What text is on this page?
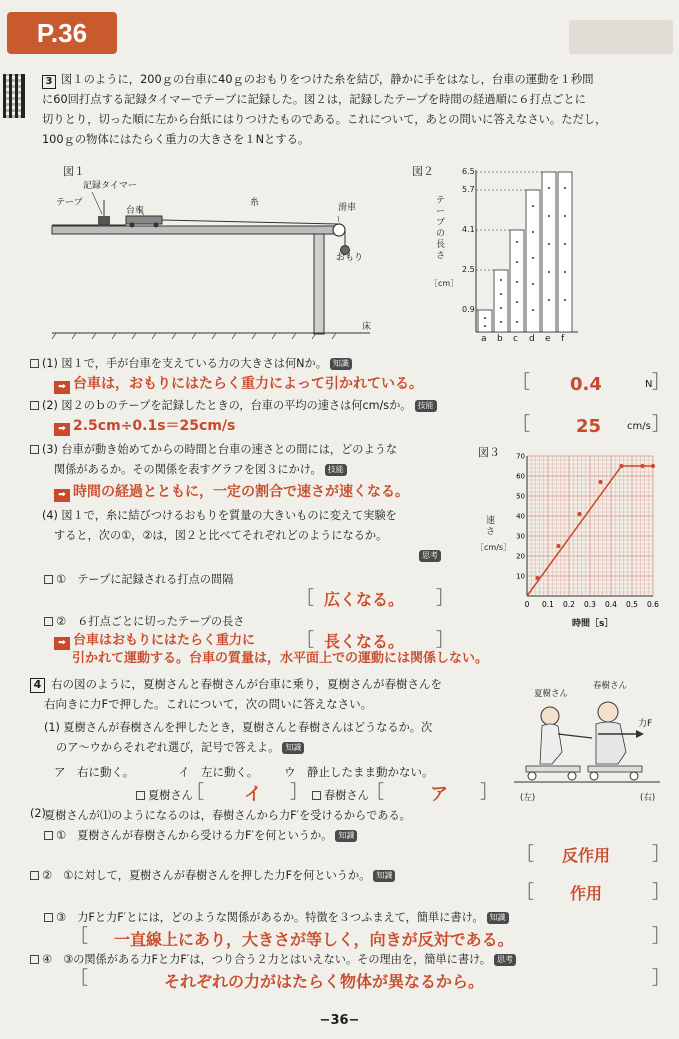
P.36
3 図１のように，200ｇの台車に40ｇのおもりをつけた糸を結び，静かに手をはなし，台車の運動を１秒間
に60回打点する記録タイマーでテープに記録した。図２は，記録したテープを時間の経過順に６打点ごとに
切りとり，切った順に左から台紙にはりつけたものである。これについて，あとの問いに答えなさい。ただし，
100ｇの物体にはたらく重力の大きさを１Nとする。
図１	図２
記録タイマー
テープ
台車
糸	滑車
おもり
床
6.5
5.7
4.1
2.5
0.9
テープの長さ
［cm］
a b c d e f
(1) 図１で，手が台車を支えている力の大きさは何Nか。 知識
➡ 台車は，おもりにはたらく重力によって引かれている。	［ 0.4	N ］
(2) 図２のｂのテープを記録したときの，台車の平均の速さは何cm/sか。 技能
➡ 2.5cm÷0.1s＝25cm/s	［	25	cm/s ］
(3) 台車が動き始めてからの時間と台車の速さとの間には，どのような
関係があるか。その関係を表すグラフを図３にかけ。 技能
➡ 時間の経過とともに，一定の割合で速さが速くなる。
図３
0 0.1 0.2 0.3 0.4 0.5 0.6
70
60
50
40
30
20
10
速さ
［cm/s］
時間［s］
(4) 図１で，糸に結びつけるおもりを質量の大きいものに変えて実験を
すると，次の①，②は，図２と比べてそれぞれどのようになるか。
思考
①　テープに記録される打点の間隔
［ 広くなる。 ］
②　６打点ごとに切ったテープの長さ
➡ 台車はおもりにはたらく重力に ［ 長くなる。 ］
引かれて運動する。台車の質量は，水平面上での運動には関係しない。
4 右の図のように，夏樹さんと春樹さんが台車に乗り，夏樹さんが春樹さんを
右向きに力Fで押した。これについて，次の問いに答えなさい。
夏樹さん
春樹さん
力F
(左)	(右)
(1) 夏樹さんが春樹さんを押したとき，夏樹さんと春樹さんはどうなるか。次
のア～ウからそれぞれ選び，記号で答えよ。 知識
ア　右に動く。	イ　左に動く。 ウ　静止したまま動かない。
夏樹さん
［ イ ］	春樹さん
［	ア ］
(2)
夏樹さんが⑴のようになるのは，春樹さんから力F′を受けるからである。
①　夏樹さんが春樹さんから受ける力F′を何というか。 知識
［ 反作用 ］
②　①に対して，夏樹さんが春樹さんを押した力Fを何というか。 知識
［ 作用	］
③　力Fと力F′とには，どのような関係があるか。特徴を３つふまえて，簡単に書け。 知識
［ 一直線上にあり，大きさが等しく，向きが反対である。	］
④　③の関係がある力Fと力F′は，つり合う２力とはいえない。その理由を，簡単に書け。 思考
［	それぞれの力がはたらく物体が異なるから。	］
−36−
